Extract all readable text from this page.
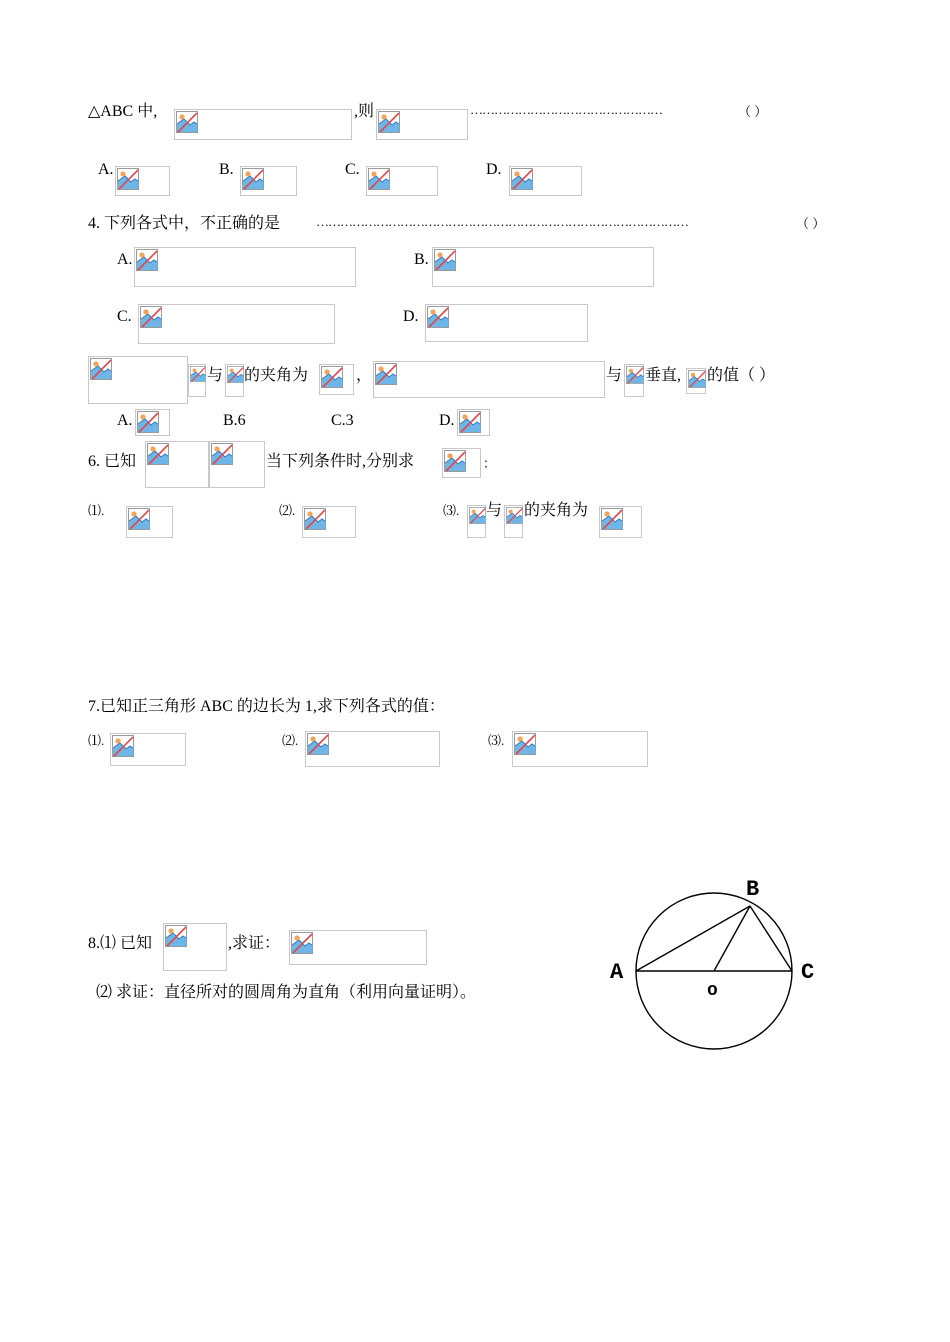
△ABC 中,	,则	…………………………………………	（ ）
A.	B.	C.	D.
4. 下列各式中，不正确的是	…………………………………………………………………………………	（ ）
A.	B.
C.	D.
与 的夹角为	，	与 垂直, 的值（ ）
A.	B.6	C.3	D.
6. 已知	当下列条件时,分别求	：
⑴.	⑵.	⑶. 与 的夹角为
7.已知正三角形 ABC 的边长为 1,求下列各式的值：
⑴.	⑵.	⑶.
8.⑴ 已知	,求证：
⑵ 求证：直径所对的圆周角为直角（利用向量证明）。
A
B
C
o
